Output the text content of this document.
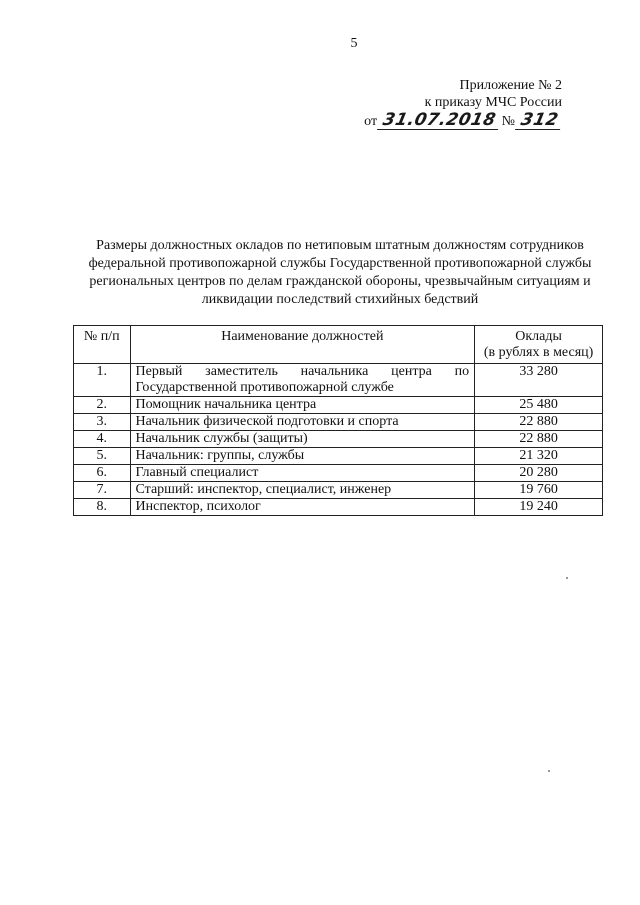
5
Приложение № 2
к приказу МЧС России
от 31.07.2018 № 312
Размеры должностных окладов по нетиповым штатным должностям сотрудников федеральной противопожарной службы Государственной противопожарной службы региональных центров по делам гражданской обороны, чрезвычайным ситуациям и ликвидации последствий стихийных бедствий
№ п/п	Наименование должностей	Оклады
(в рублях в месяц)

1.	Первый заместитель начальника центра по Государственной противопожарной службе	33 280
2.	Помощник начальника центра	25 480
3.	Начальник физической подготовки и спорта	22 880
4.	Начальник службы (защиты)	22 880
5.	Начальник: группы, службы	21 320
6.	Главный специалист	20 280
7.	Старший: инспектор, специалист, инженер	19 760
8.	Инспектор, психолог	19 240
